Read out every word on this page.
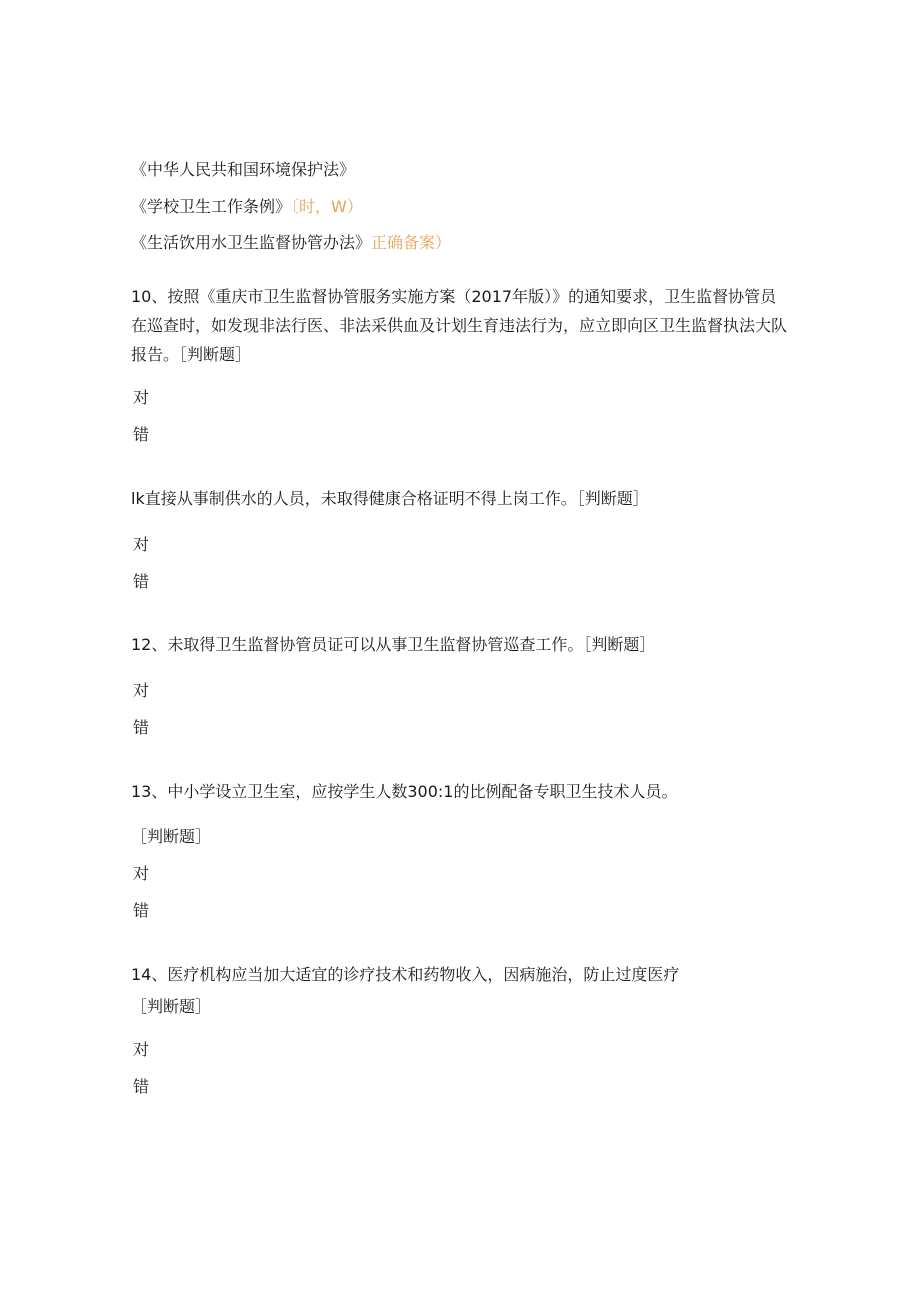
《中华人民共和国环境保护法》
《学校卫生工作条例》〔时，W）
《生活饮用水卫生监督协管办法》正确备案）
10、按照《重庆市卫生监督协管服务实施方案（2017年版）》的通知要求，卫生监督协管员在巡查时，如发现非法行医、非法采供血及计划生育违法行为，应立即向区卫生监督执法大队报告。［判断题］
对
错
lk直接从事制供水的人员，未取得健康合格证明不得上岗工作。［判断题］
对
错
12、未取得卫生监督协管员证可以从事卫生监督协管巡查工作。［判断题］
对
错
13、中小学设立卫生室，应按学生人数300:1的比例配备专职卫生技术人员。
［判断题］
对
错
14、医疗机构应当加大适宜的诊疗技术和药物收入，因病施治，防止过度医疗
［判断题］
对
错
